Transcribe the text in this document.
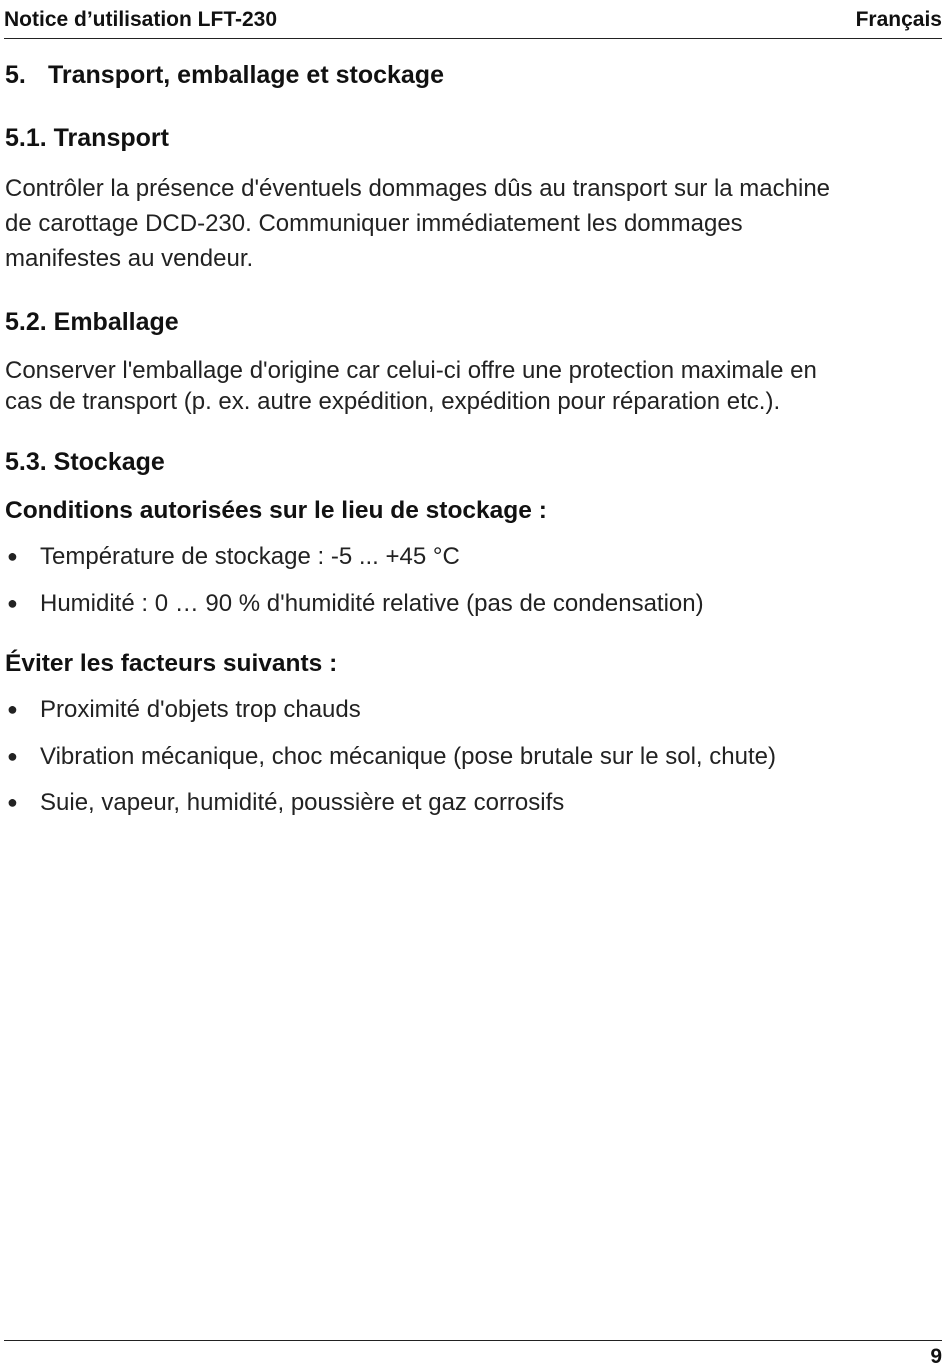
Notice d’utilisation LFT-230	Français
5. Transport, emballage et stockage
5.1. Transport
Contrôler la présence d'éventuels dommages dûs au transport sur la machine
de carottage DCD-230. Communiquer immédiatement les dommages
manifestes au vendeur.
5.2. Emballage
Conserver l'emballage d'origine car celui-ci offre une protection maximale en
cas de transport (p. ex. autre expédition, expédition pour réparation etc.).
5.3. Stockage
Conditions autorisées sur le lieu de stockage :
● Température de stockage : -5 ... +45 °C
● Humidité : 0 … 90 % d'humidité relative (pas de condensation)
Éviter les facteurs suivants :
● Proximité d'objets trop chauds
● Vibration mécanique, choc mécanique (pose brutale sur le sol, chute)
● Suie, vapeur, humidité, poussière et gaz corrosifs
9
